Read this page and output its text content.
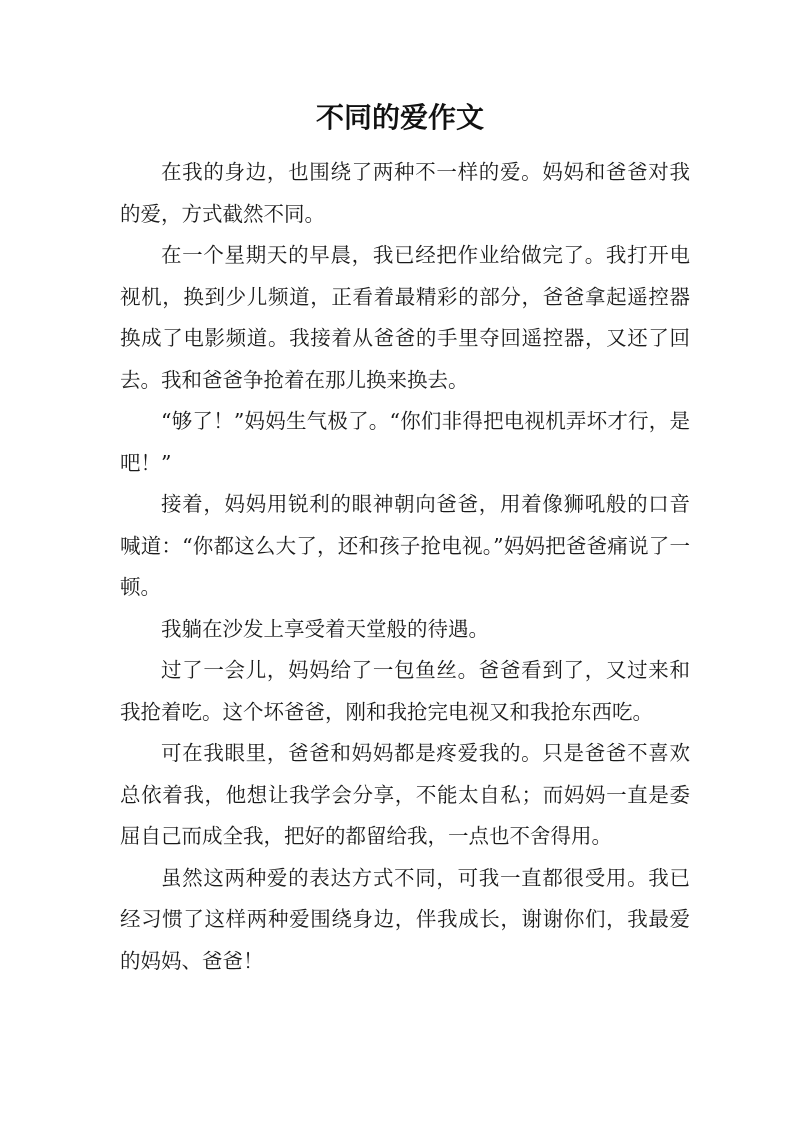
不同的爱作文

在我的身边，也围绕了两种不一样的爱。妈妈和爸爸对我的爱，方式截然不同。

在一个星期天的早晨，我已经把作业给做完了。我打开电视机，换到少儿频道，正看着最精彩的部分，爸爸拿起遥控器换成了电影频道。我接着从爸爸的手里夺回遥控器，又还了回去。我和爸爸争抢着在那儿换来换去。

“够了！”妈妈生气极了。“你们非得把电视机弄坏才行，是吧！”

接着，妈妈用锐利的眼神朝向爸爸，用着像狮吼般的口音喊道：“你都这么大了，还和孩子抢电视。”妈妈把爸爸痛说了一顿。

我躺在沙发上享受着天堂般的待遇。

过了一会儿，妈妈给了一包鱼丝。爸爸看到了，又过来和我抢着吃。这个坏爸爸，刚和我抢完电视又和我抢东西吃。

可在我眼里，爸爸和妈妈都是疼爱我的。只是爸爸不喜欢总依着我，他想让我学会分享，不能太自私；而妈妈一直是委屈自己而成全我，把好的都留给我，一点也不舍得用。

虽然这两种爱的表达方式不同，可我一直都很受用。我已经习惯了这样两种爱围绕身边，伴我成长，谢谢你们，我最爱的妈妈、爸爸！
